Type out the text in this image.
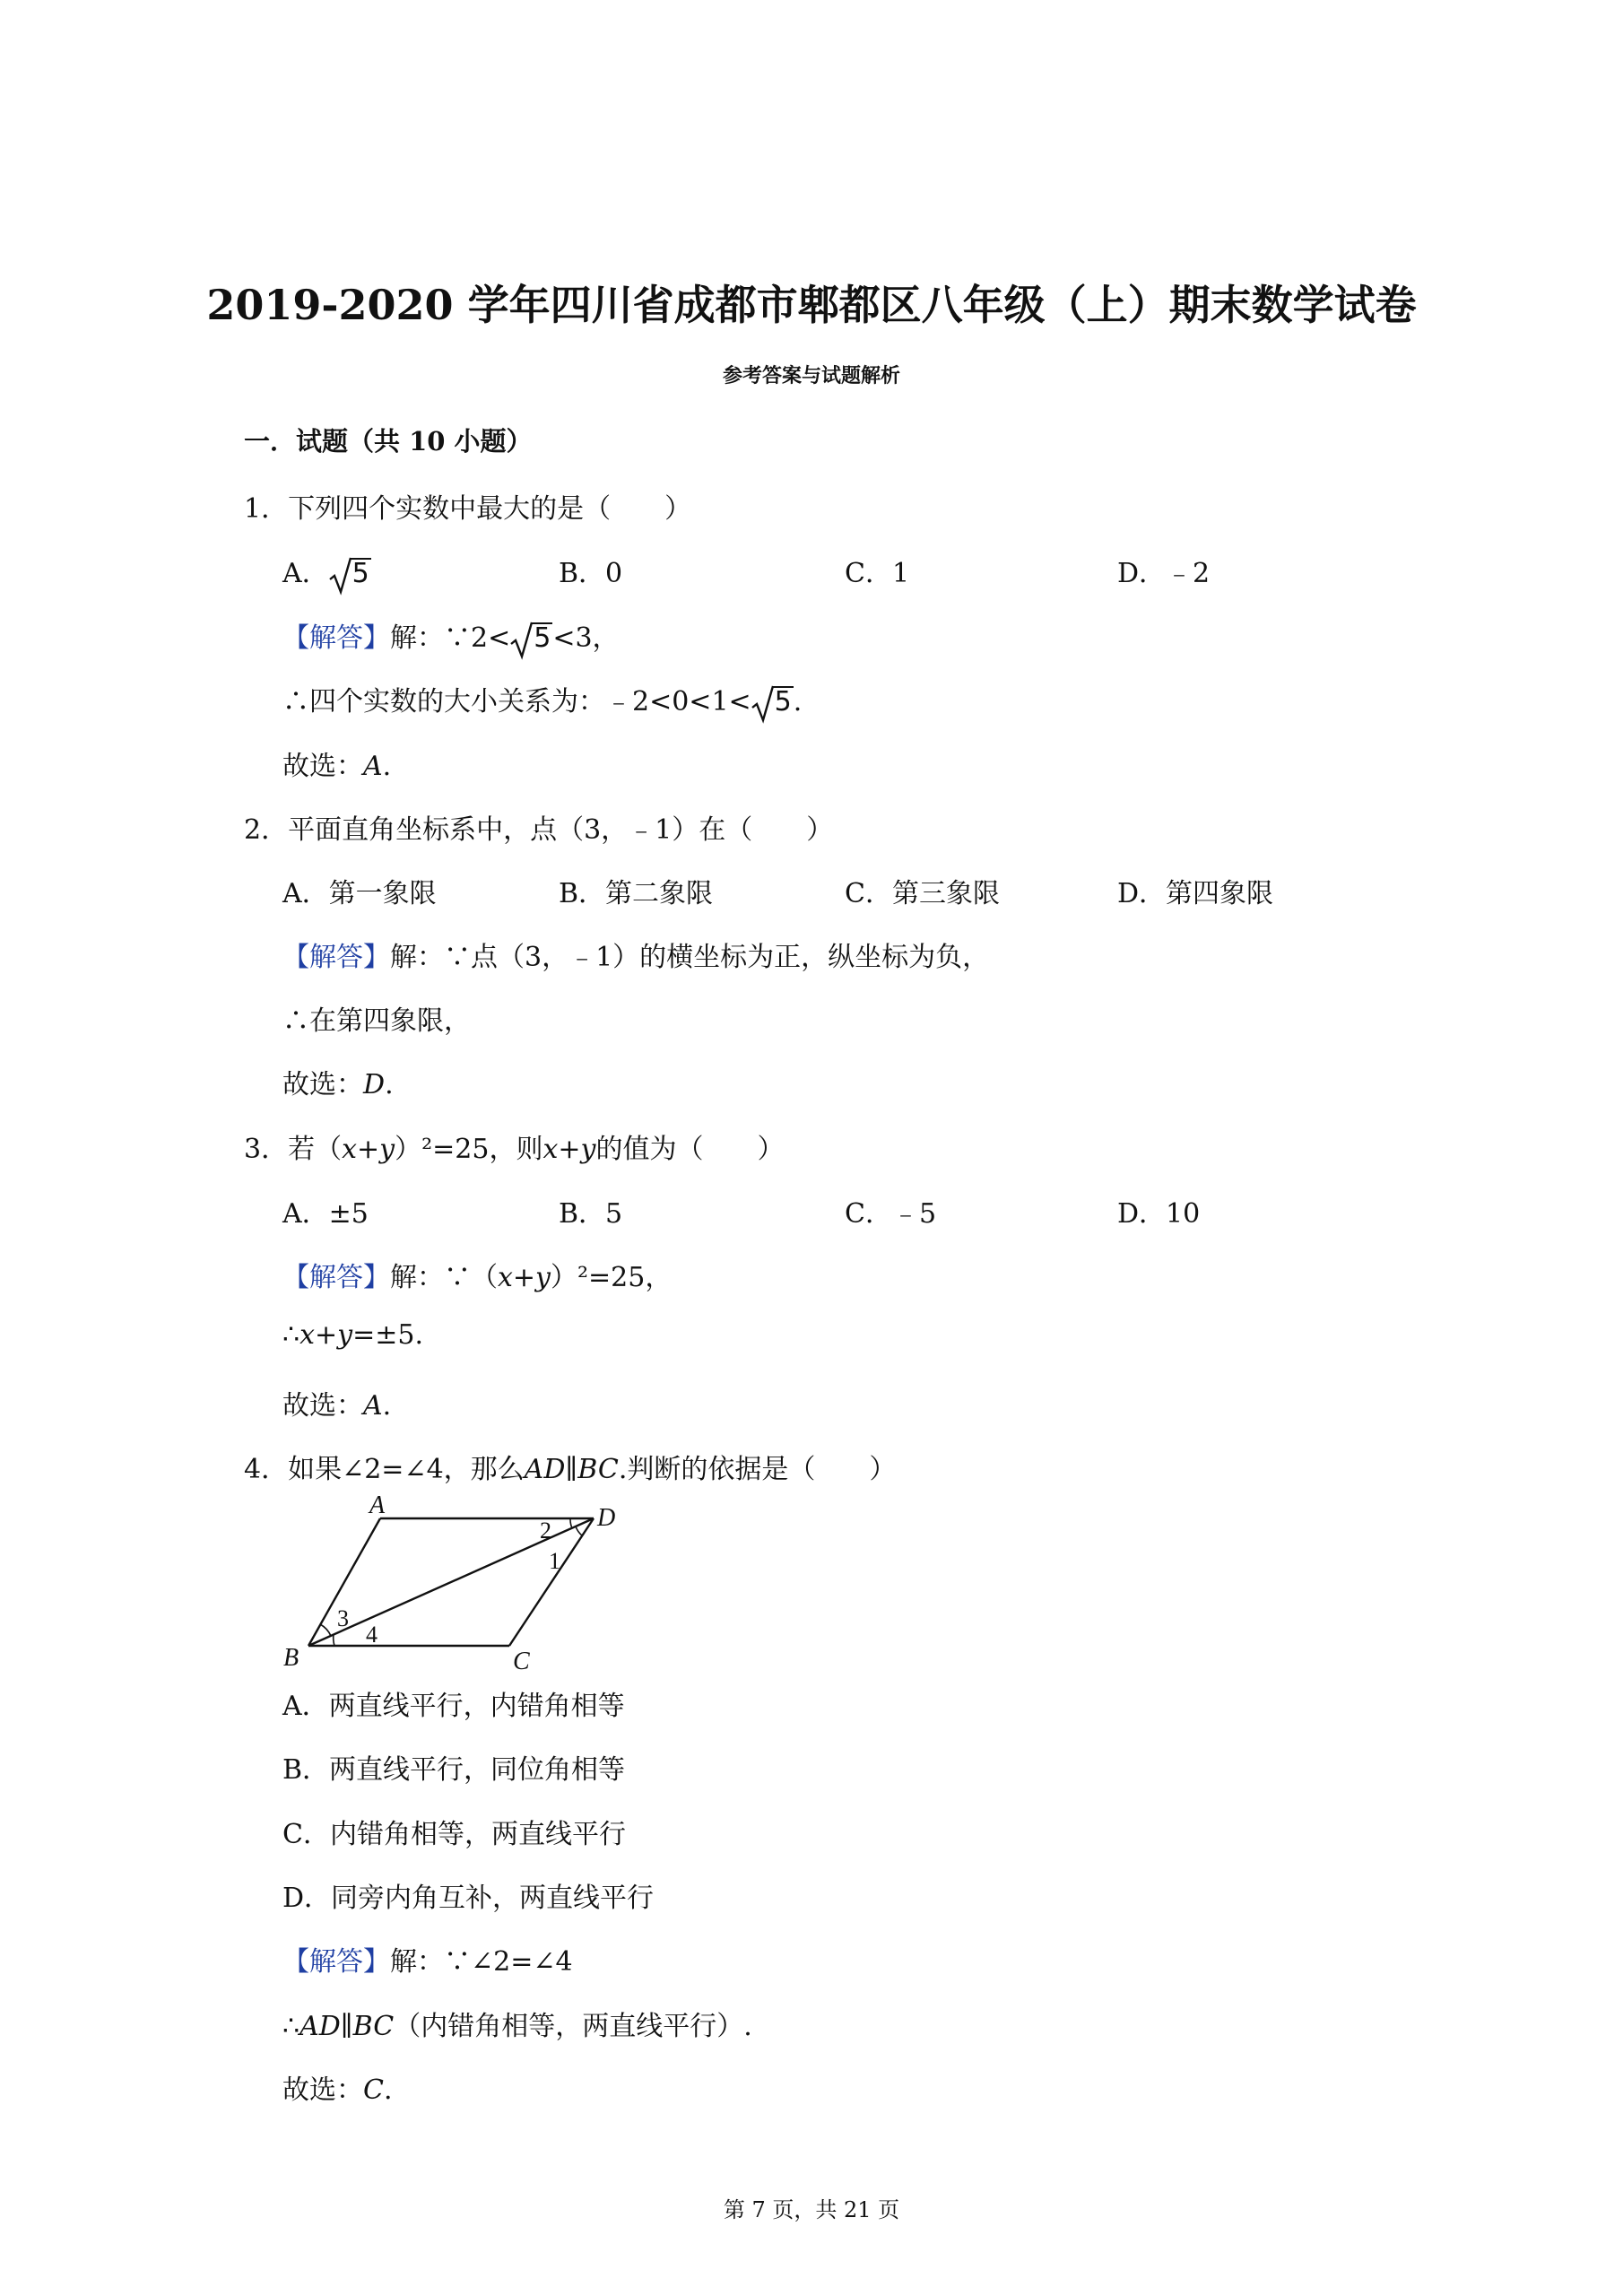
2019-2020 学年四川省成都市郫都区八年级（上）期末数学试卷
参考答案与试题解析
一．试题（共 10 小题）
1．下列四个实数中最大的是（　　）
A． 5	B．0	C．1	D．﹣2
【解答】解：∵2< 5<3，
∴四个实数的大小关系为：﹣2<0<1< 5.
故选：A.
2．平面直角坐标系中，点（3，﹣1）在（　　）
A．第一象限	B．第二象限	C．第三象限	D．第四象限
【解答】解：∵点（3，﹣1）的横坐标为正，纵坐标为负，
∴在第四象限，
故选：D.
3．若（x+y）²=25，则x+y的值为（　　）
A．±5	B．5	C．﹣5	D．10
【解答】解：∵（x+y）²=25，
∴x+y=±5.
故选：A.
4．如果∠2=∠4，那么AD∥BC.判断的依据是（　　）
A	D
B	C
2
1
3
4
A．两直线平行，内错角相等
B．两直线平行，同位角相等
C．内错角相等，两直线平行
D．同旁内角互补，两直线平行
【解答】解：∵∠2=∠4
∴AD∥BC（内错角相等，两直线平行）.
故选：C.
第 7 页，共 21 页
